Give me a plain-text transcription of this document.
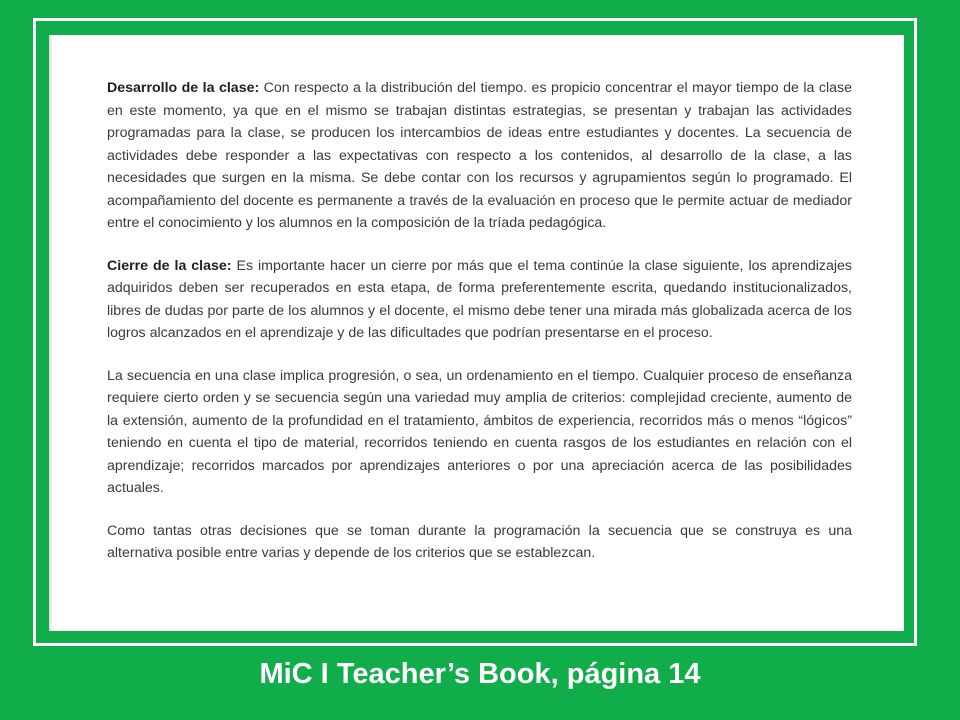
Desarrollo de la clase: Con respecto a la distribución del tiempo. es propicio concentrar el mayor tiempo de la clase en este momento, ya que en el mismo se trabajan distintas estrategias, se presentan y trabajan las actividades programadas para la clase, se producen los intercambios de ideas entre estudiantes y docentes. La secuencia de actividades debe responder a las expectativas con respecto a los contenidos, al desarrollo de la clase, a las necesidades que surgen en la misma. Se debe contar con los recursos y agrupamientos según lo programado. El acompañamiento del docente es permanente a través de la evaluación en proceso que le permite actuar de mediador entre el conocimiento y los alumnos en la composición de la tríada pedagógica.

Cierre de la clase: Es importante hacer un cierre por más que el tema continúe la clase siguiente, los aprendizajes adquiridos deben ser recuperados en esta etapa, de forma preferentemente escrita, quedando institucionalizados, libres de dudas por parte de los alumnos y el docente, el mismo debe tener una mirada más globalizada acerca de los logros alcanzados en el aprendizaje y de las dificultades que podrían presentarse en el proceso.

La secuencia en una clase implica progresión, o sea, un ordenamiento en el tiempo. Cualquier proceso de enseñanza requiere cierto orden y se secuencia según una variedad muy amplia de criterios: complejidad creciente, aumento de la extensión, aumento de la profundidad en el tratamiento, ámbitos de experiencia, recorridos más o menos “lógicos” teniendo en cuenta el tipo de material, recorridos teniendo en cuenta rasgos de los estudiantes en relación con el aprendizaje; recorridos marcados por aprendizajes anteriores o por una apreciación acerca de las posibilidades actuales.

Como tantas otras decisiones que se toman durante la programación la secuencia que se construya es una alternativa posible entre varias y depende de los criterios que se establezcan.

MiC I Teacher’s Book, página 14
